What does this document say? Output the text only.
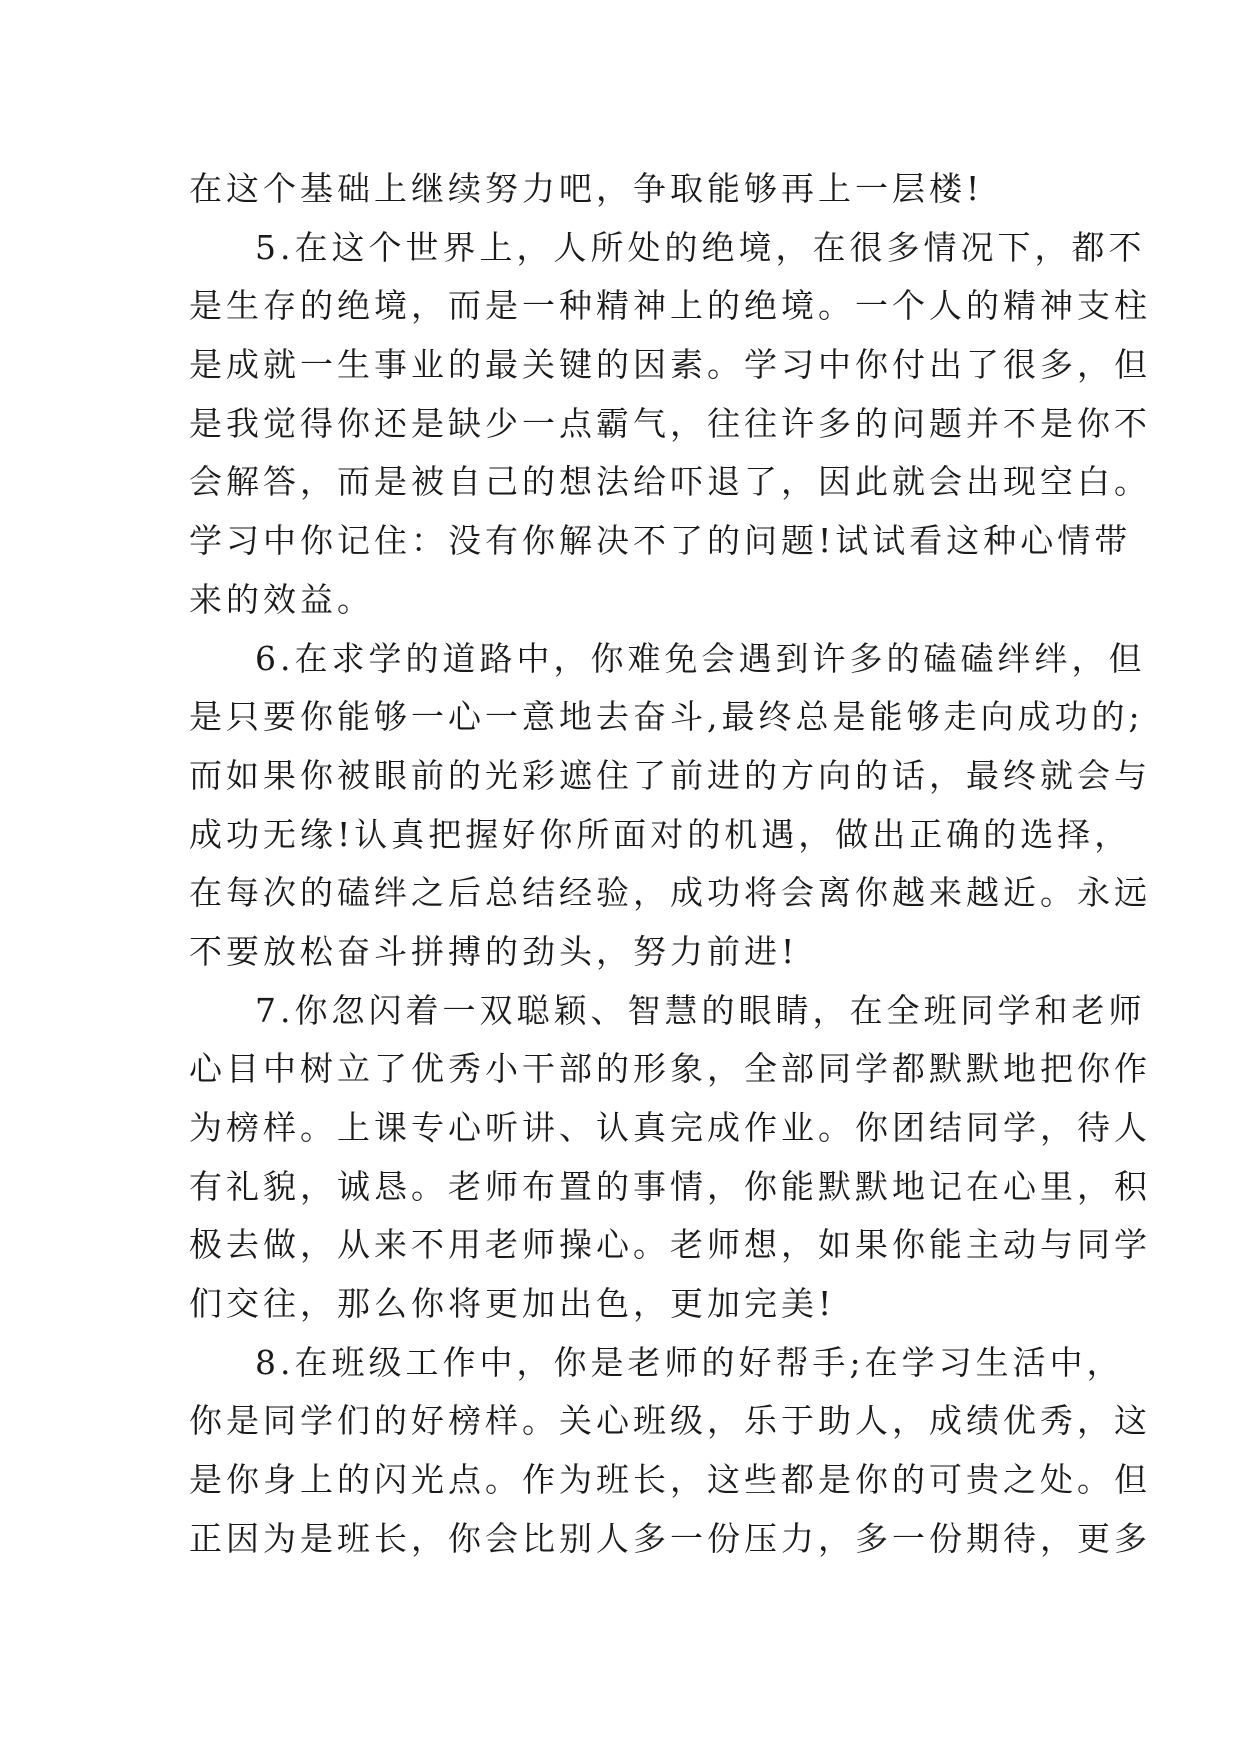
在这个基础上继续努力吧，争取能够再上一层楼!
5.在这个世界上，人所处的绝境，在很多情况下，都不
是生存的绝境，而是一种精神上的绝境。一个人的精神支柱
是成就一生事业的最关键的因素。学习中你付出了很多，但
是我觉得你还是缺少一点霸气，往往许多的问题并不是你不
会解答，而是被自己的想法给吓退了，因此就会出现空白。
学习中你记住：没有你解决不了的问题!试试看这种心情带
来的效益。
6.在求学的道路中，你难免会遇到许多的磕磕绊绊，但
是只要你能够一心一意地去奋斗,最终总是能够走向成功的;
而如果你被眼前的光彩遮住了前进的方向的话，最终就会与
成功无缘!认真把握好你所面对的机遇，做出正确的选择，
在每次的磕绊之后总结经验，成功将会离你越来越近。永远
不要放松奋斗拼搏的劲头，努力前进!
7.你忽闪着一双聪颖、智慧的眼睛，在全班同学和老师
心目中树立了优秀小干部的形象，全部同学都默默地把你作
为榜样。上课专心听讲、认真完成作业。你团结同学，待人
有礼貌，诚恳。老师布置的事情，你能默默地记在心里，积
极去做，从来不用老师操心。老师想，如果你能主动与同学
们交往，那么你将更加出色，更加完美!
8.在班级工作中，你是老师的好帮手;在学习生活中，
你是同学们的好榜样。关心班级，乐于助人，成绩优秀，这
是你身上的闪光点。作为班长，这些都是你的可贵之处。但
正因为是班长，你会比别人多一份压力，多一份期待，更多
